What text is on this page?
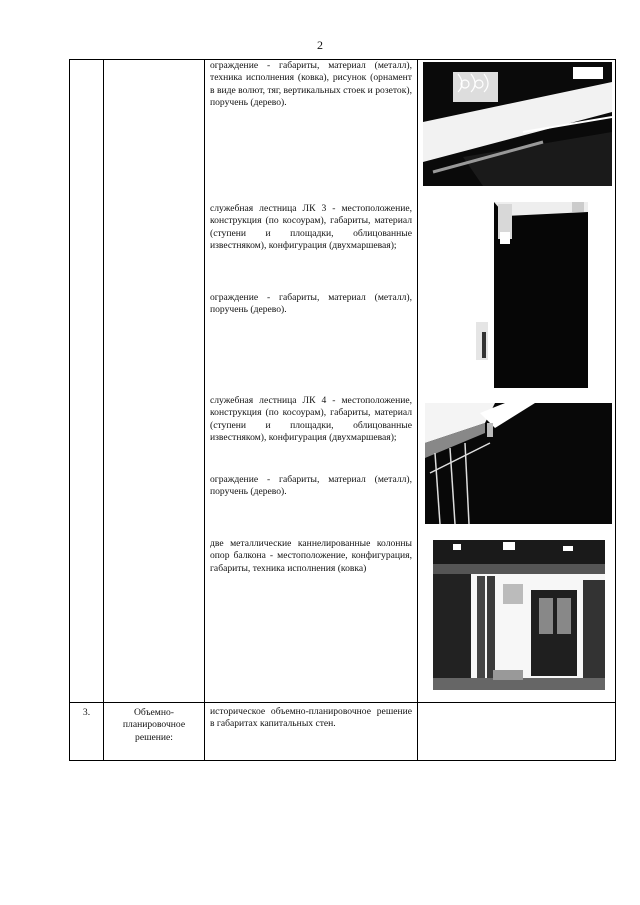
2
ограждение - габариты, материал (металл), техника исполнения (ковка), рисунок (орнамент в виде волют, тяг, вертикальных стоек и розеток), поручень (дерево).
служебная лестница ЛК 3 - местоположение, конструкция (по косоурам), габариты, материал (ступени и площадки, облицованные известняком), конфигурация (двухмаршевая);
ограждение - габариты, материал (металл), поручень (дерево).
служебная лестница ЛК 4 - местоположение, конструкция (по косоурам), габариты, материал (ступени и площадки, облицованные известняком), конфигурация (двухмаршевая);
ограждение - габариты, материал (металл), поручень (дерево).
две металлические каннелированные колонны опор балкона - местоположение, конфигурация, габариты, техника исполнения (ковка)
3.	Объемно-планировочное решение:
историческое объемно-планировочное решение в габаритах капитальных стен.
